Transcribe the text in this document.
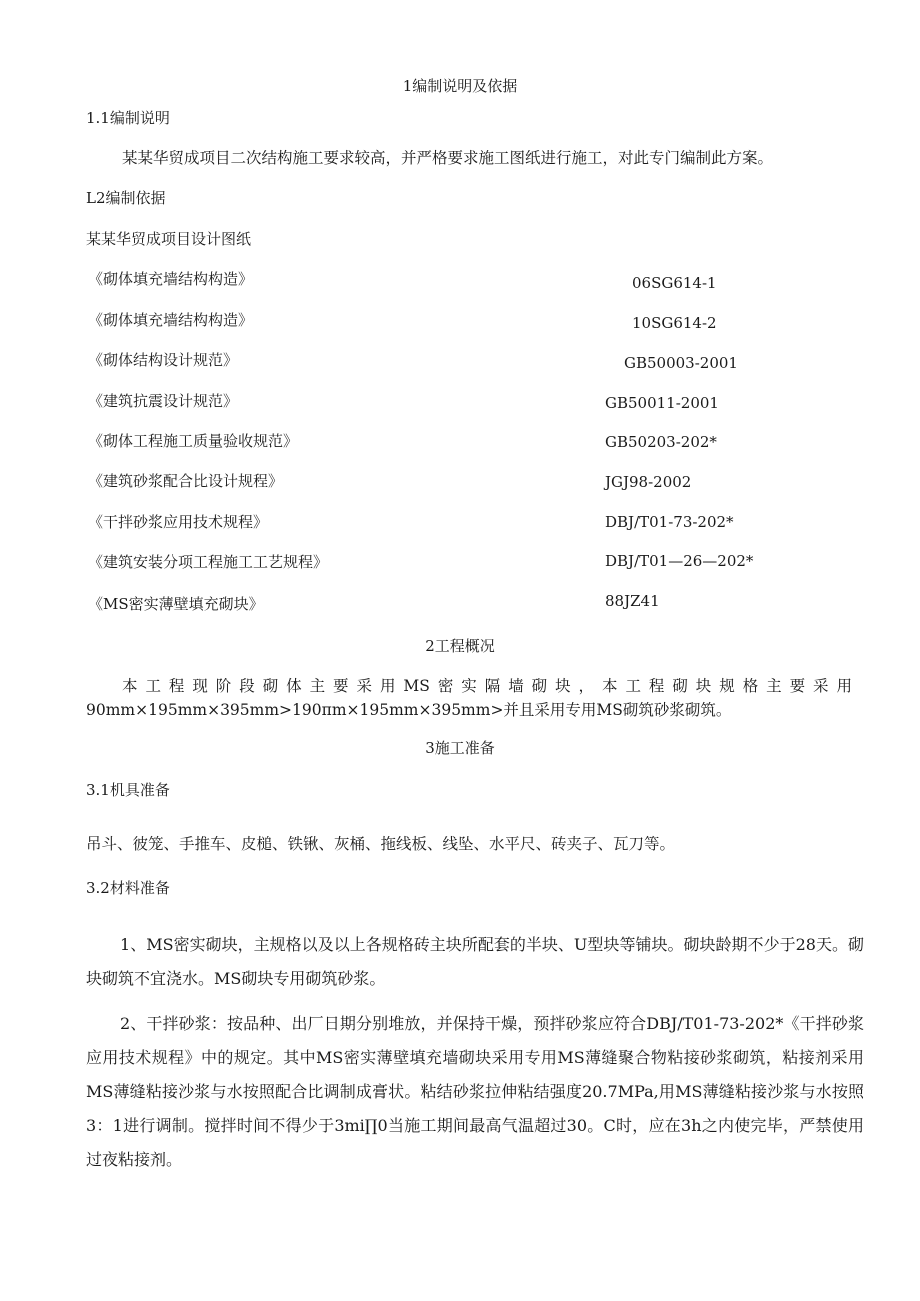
1编制说明及依据
1.1编制说明
某某华贸成项目二次结构施工要求较高，并严格要求施工图纸进行施工，对此专门编制此方案。
L2编制依据
某某华贸成项目设计图纸
《砌体填充墙结构构造》	06SG614-1
《砌体填充墙结构构造》	10SG614-2
《砌体结构设计规范》	GB50003-2001
《建筑抗震设计规范》	GB50011-2001
《砌体工程施工质量验收规范》	GB50203-202*
《建筑砂浆配合比设计规程》	JGJ98-2002
《干拌砂浆应用技术规程》	DBJ/T01-73-202*
《建筑安装分项工程施工工艺规程》	DBJ/T01—26—202*
《MS密实薄壁填充砌块》	88JZ41
2工程概况
本工程现阶段砌体主要采用MS密实隔墙砌块，本工程砌块规格主要采用
90mm×195mm×395mm>190πm×195mm×395mm>并且采用专用MS砌筑砂浆砌筑。
3施工准备
3.1机具准备
吊斗、彼笼、手推车、皮槌、铁锹、灰桶、拖线板、线坠、水平尺、砖夹子、瓦刀等。
3.2材料准备
1、MS密实砌块，主规格以及以上各规格砖主块所配套的半块、U型块等铺块。砌块龄期不少于28天。砌块砌筑不宜浇水。MS砌块专用砌筑砂浆。
2、干拌砂浆：按品种、出厂日期分别堆放，并保持干燥，预拌砂浆应符合DBJ/T01-73-202*《干拌砂浆应用技术规程》中的规定。其中MS密实薄壁填充墙砌块采用专用MS薄缝聚合物粘接砂浆砌筑，粘接剂采用MS薄缝粘接沙浆与水按照配合比调制成膏状。粘结砂浆拉伸粘结强度20.7MPa,用MS薄缝粘接沙浆与水按照3：1进行调制。搅拌时间不得少于3mi∏0当施工期间最高气温超过30。C时，应在3h之内使完毕，严禁使用过夜粘接剂。
